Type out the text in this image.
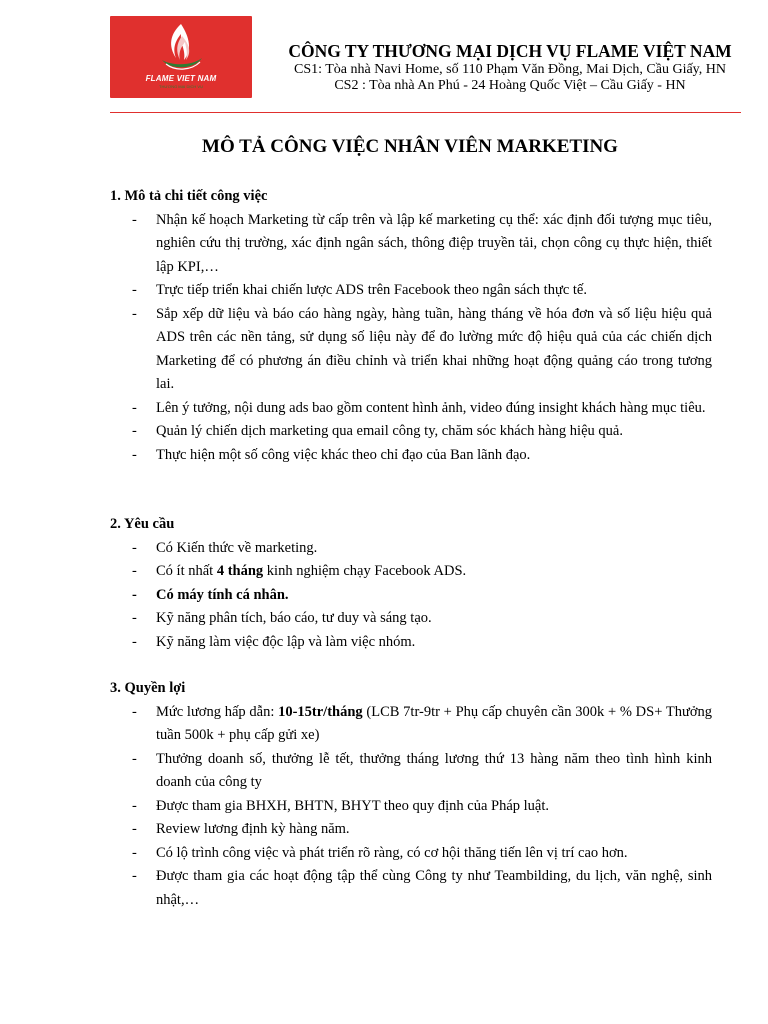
FLAME VIET NAM
THƯƠNG MẠI DỊCH VỤ
CÔNG TY THƯƠNG MẠI DỊCH VỤ FLAME VIỆT NAM
CS1: Tòa nhà Navi Home, số 110 Phạm Văn Đồng, Mai Dịch, Cầu Giấy, HN
CS2 : Tòa nhà An Phú - 24 Hoàng Quốc Việt – Cầu Giấy - HN
MÔ TẢ CÔNG VIỆC NHÂN VIÊN MARKETING

1. Mô tả chi tiết công việc

- Nhận kế hoạch Marketing từ cấp trên và lập kế marketing cụ thể: xác định đối tượng mục tiêu, nghiên cứu thị trường, xác định ngân sách, thông điệp truyền tải, chọn công cụ thực hiện, thiết lập KPI,…
- Trực tiếp triển khai chiến lược ADS trên Facebook theo ngân sách thực tế.
- Sắp xếp dữ liệu và báo cáo hàng ngày, hàng tuần, hàng tháng về hóa đơn và số liệu hiệu quả ADS trên các nền tảng, sử dụng số liệu này để đo lường mức độ hiệu quả của các chiến dịch Marketing để có phương án điều chỉnh và triển khai những hoạt động quảng cáo trong tương lai.
- Lên ý tưởng, nội dung ads bao gồm content hình ảnh, video đúng insight khách hàng mục tiêu.
- Quản lý chiến dịch marketing qua email công ty, chăm sóc khách hàng hiệu quả.
- Thực hiện một số công việc khác theo chỉ đạo của Ban lãnh đạo.

2. Yêu cầu

- Có Kiến thức về marketing.
- Có ít nhất 4 tháng kinh nghiệm chạy Facebook ADS.
- Có máy tính cá nhân.
- Kỹ năng phân tích, báo cáo, tư duy và sáng tạo.
- Kỹ năng làm việc độc lập và làm việc nhóm.

3. Quyền lợi

- Mức lương hấp dẫn: 10-15tr/tháng (LCB 7tr-9tr + Phụ cấp chuyên cần 300k + % DS+ Thưởng tuần 500k + phụ cấp gửi xe)
- Thưởng doanh số, thưởng lễ tết, thưởng tháng lương thứ 13 hàng năm theo tình hình kinh doanh của công ty
- Được tham gia BHXH, BHTN, BHYT theo quy định của Pháp luật.
- Review lương định kỳ hàng năm.
- Có lộ trình công việc và phát triển rõ ràng, có cơ hội thăng tiến lên vị trí cao hơn.
- Được tham gia các hoạt động tập thể cùng Công ty như Teambilding, du lịch, văn nghệ, sinh nhật,…
